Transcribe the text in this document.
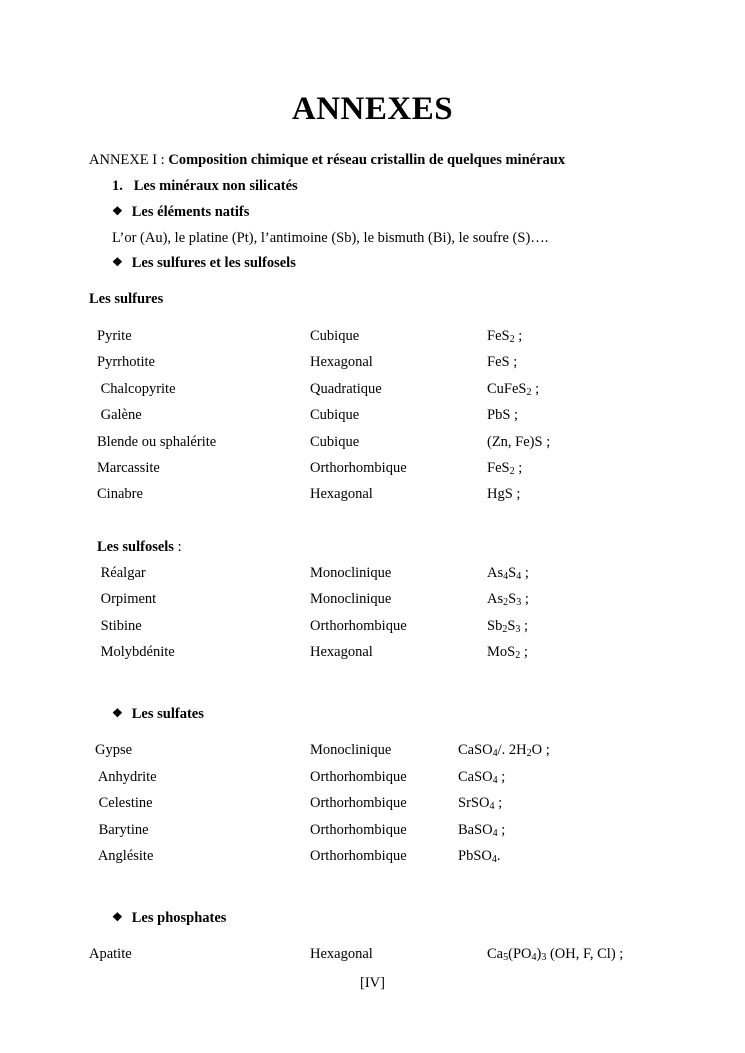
ANNEXES
ANNEXE I : Composition chimique et réseau cristallin de quelques minéraux
1. Les minéraux non silicatés
❖ Les éléments natifs
L’or (Au), le platine (Pt), l’antimoine (Sb), le bismuth (Bi), le soufre (S)….
❖ Les sulfures et les sulfosels
Les sulfures
Pyrite	Cubique	FeS$_2$ ;
Pyrrhotite	Hexagonal	FeS ;
Chalcopyrite	Quadratique	CuFeS$_2$ ;
Galène	Cubique	PbS ;
Blende ou sphalérite	Cubique	(Zn, Fe)S ;
Marcassite	Orthorhombique	FeS$_2$ ;
Cinabre	Hexagonal	HgS ;
Les sulfosels :
Réalgar	Monoclinique	$As_4S_4$ ;
Orpiment	Monoclinique	$As_2S_3$ ;
Stibine	Orthorhombique	$Sb_2S_3$ ;
Molybdénite	Hexagonal	MoS$_2$ ;
❖ Les sulfates
Gypse	Monoclinique	CaSO$_4$/. $2H_2O$ ;
Anhydrite	Orthorhombique	CaSO$_4$ ;
Celestine	Orthorhombique	SrSO$_4$ ;
Barytine	Orthorhombique	BaSO$_4$ ;
Anglésite	Orthorhombique	PbSO$_4$.
❖ Les phosphates
Apatite	Hexagonal	$Ca_5(PO_4)_3$ (OH, F, Cl) ;
[IV]
